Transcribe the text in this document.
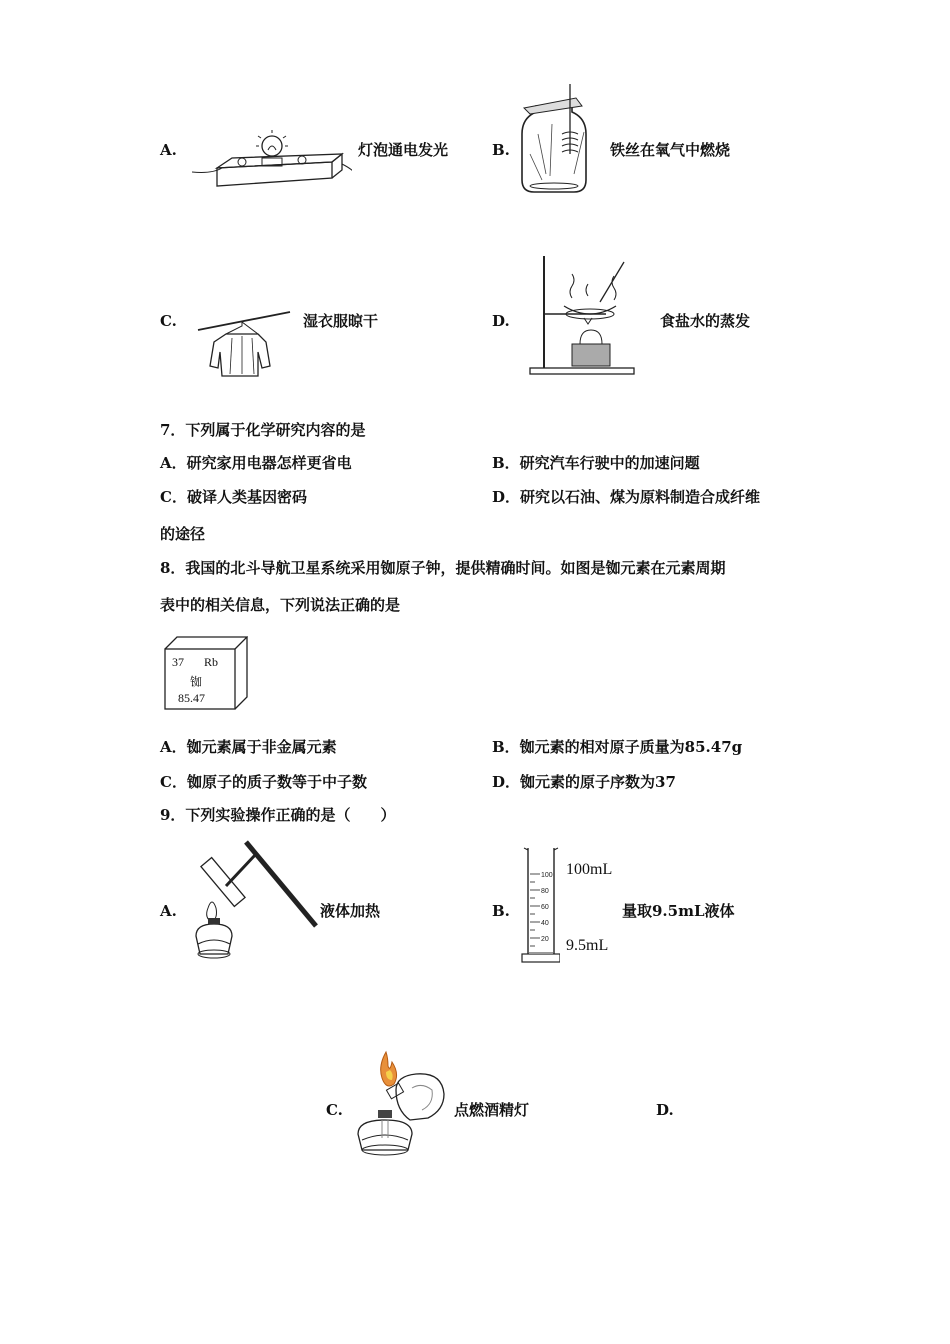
A.	灯泡通电发光	B.	铁丝在氧气中燃烧
C.	湿衣服晾干	D.	食盐水的蒸发
7．下列属于化学研究内容的是
A．研究家用电器怎样更省电	B．研究汽车行驶中的加速问题
C．破译人类基因密码	D．研究以石油、煤为原料制造合成纤维
的途径
8．我国的北斗导航卫星系统采用铷原子钟，提供精确时间。如图是铷元素在元素周期
表中的相关信息，下列说法正确的是
37 Rb
铷
85.47
A．铷元素属于非金属元素	B．铷元素的相对原子质量为85.47g
C．铷原子的质子数等于中子数	D．铷元素的原子序数为37
9．下列实验操作正确的是（　　）
A.	液体加热	B.
100
80
60
40
20
100mL
9.5mL
量取9.5mL液体
C.	点燃酒精灯	D.
